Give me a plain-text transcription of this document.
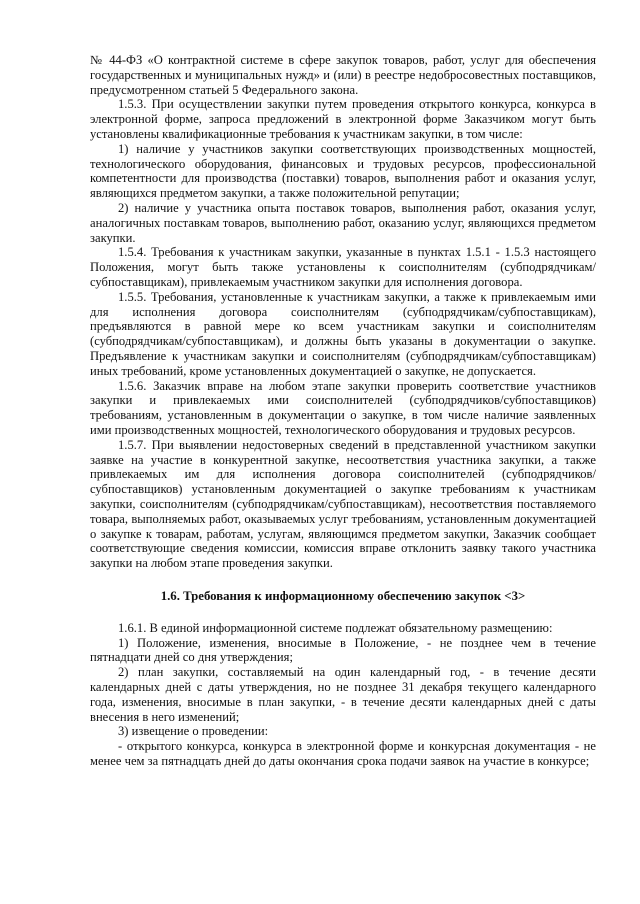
№ 44-ФЗ «О контрактной системе в сфере закупок товаров, работ, услуг для обеспечения государственных и муниципальных нужд» и (или) в реестре недобросовестных поставщиков, предусмотренном статьей 5 Федерального закона.

1.5.3. При осуществлении закупки путем проведения открытого конкурса, конкурса в электронной форме, запроса предложений в электронной форме Заказчиком могут быть установлены квалификационные требования к участникам закупки, в том числе:

1) наличие у участников закупки соответствующих производственных мощностей, технологического оборудования, финансовых и трудовых ресурсов, профессиональной компетентности для производства (поставки) товаров, выполнения работ и оказания услуг, являющихся предметом закупки, а также положительной репутации;

2) наличие у участника опыта поставок товаров, выполнения работ, оказания услуг, аналогичных поставкам товаров, выполнению работ, оказанию услуг, являющихся предметом закупки.

1.5.4. Требования к участникам закупки, указанные в пунктах 1.5.1 - 1.5.3 настоящего Положения, могут быть также установлены к соисполнителям (субподрядчикам/субпоставщикам), привлекаемым участником закупки для исполнения договора.

1.5.5. Требования, установленные к участникам закупки, а также к привлекаемым ими для исполнения договора соисполнителям (субподрядчикам/субпоставщикам), предъявляются в равной мере ко всем участникам закупки и соисполнителям (субподрядчикам/субпоставщикам), и должны быть указаны в документации о закупке. Предъявление к участникам закупки и соисполнителям (субподрядчикам/субпоставщикам) иных требований, кроме установленных документацией о закупке, не допускается.

1.5.6. Заказчик вправе на любом этапе закупки проверить соответствие участников закупки и привлекаемых ими соисполнителей (субподрядчиков/субпоставщиков) требованиям, установленным в документации о закупке, в том числе наличие заявленных ими производственных мощностей, технологического оборудования и трудовых ресурсов.

1.5.7. При выявлении недостоверных сведений в представленной участником закупки заявке на участие в конкурентной закупке, несоответствия участника закупки, а также привлекаемых им для исполнения договора соисполнителей (субподрядчиков/субпоставщиков) установленным документацией о закупке требованиям к участникам закупки, соисполнителям (субподрядчикам/субпоставщикам), несоответствия поставляемого товара, выполняемых работ, оказываемых услуг требованиям, установленным документацией о закупке к товарам, работам, услугам, являющимся предметом закупки, Заказчик сообщает соответствующие сведения комиссии, комиссия вправе отклонить заявку такого участника закупки на любом этапе проведения закупки.

1.6. Требования к информационному обеспечению закупок <3>

1.6.1. В единой информационной системе подлежат обязательному размещению:

1) Положение, изменения, вносимые в Положение, - не позднее чем в течение пятнадцати дней со дня утверждения;

2) план закупки, составляемый на один календарный год, - в течение десяти календарных дней с даты утверждения, но не позднее 31 декабря текущего календарного года, изменения, вносимые в план закупки, - в течение десяти календарных дней с даты внесения в него изменений;

3) извещение о проведении:

- открытого конкурса, конкурса в электронной форме и конкурсная документация - не менее чем за пятнадцать дней до даты окончания срока подачи заявок на участие в конкурсе;
